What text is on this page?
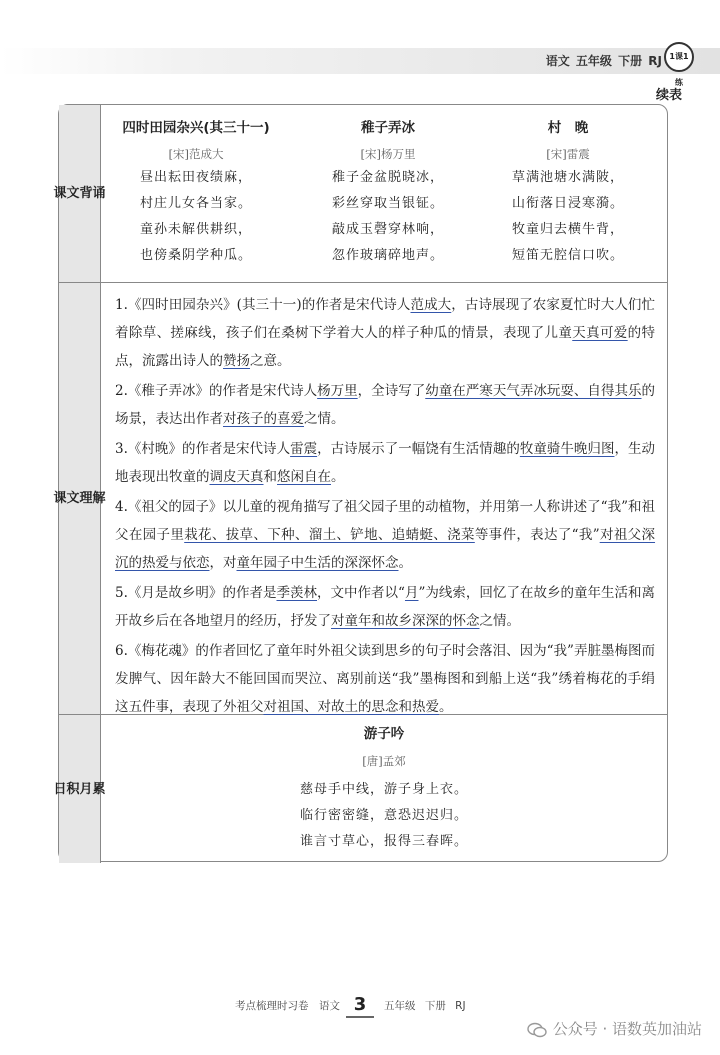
语文 五年级 下册 RJ 1课1练
续表
课 文 背 诵
四时田园杂兴(其三十一)
[宋]范成大
昼出耘田夜绩麻，
村庄儿女各当家。
童孙未解供耕织，
也傍桑阴学种瓜。
稚子弄冰
[宋]杨万里
稚子金盆脱晓冰，
彩丝穿取当银钲。
敲成玉磬穿林响，
忽作玻璃碎地声。
村　晚
[宋]雷震
草满池塘水满陂，
山衔落日浸寒漪。
牧童归去横牛背，
短笛无腔信口吹。
课 文 理 解
1.《四时田园杂兴》(其三十一)的作者是宋代诗人范成大，古诗展现了农家夏忙时大人们忙着除草、搓麻线，孩子们在桑树下学着大人的样子种瓜的情景，表现了儿童天真可爱的特点，流露出诗人的赞扬之意。
2.《稚子弄冰》的作者是宋代诗人杨万里，全诗写了幼童在严寒天气弄冰玩耍、自得其乐的场景，表达出作者对孩子的喜爱之情。
3.《村晚》的作者是宋代诗人雷震，古诗展示了一幅饶有生活情趣的牧童骑牛晚归图，生动地表现出牧童的调皮天真和悠闲自在。
4.《祖父的园子》以儿童的视角描写了祖父园子里的动植物，并用第一人称讲述了“我”和祖父在园子里栽花、拔草、下种、溜土、铲地、追蜻蜓、浇菜等事件，表达了“我”对祖父深沉的热爱与依恋，对童年园子中生活的深深怀念。
5.《月是故乡明》的作者是季羡林，文中作者以“月”为线索，回忆了在故乡的童年生活和离开故乡后在各地望月的经历，抒发了对童年和故乡深深的怀念之情。
6.《梅花魂》的作者回忆了童年时外祖父读到思乡的句子时会落泪、因为“我”弄脏墨梅图而发脾气、因年龄大不能回国而哭泣、离别前送“我”墨梅图和到船上送“我”绣着梅花的手绢这五件事，表现了外祖父对祖国、对故土的思念和热爱。
日 积 月 累
游子吟
[唐]孟郊
慈母手中线，游子身上衣。
临行密密缝，意恐迟迟归。
谁言寸草心，报得三春晖。
考点梳理时习卷　语文 3	五年级 下册 RJ
公众号 · 语数英加油站
